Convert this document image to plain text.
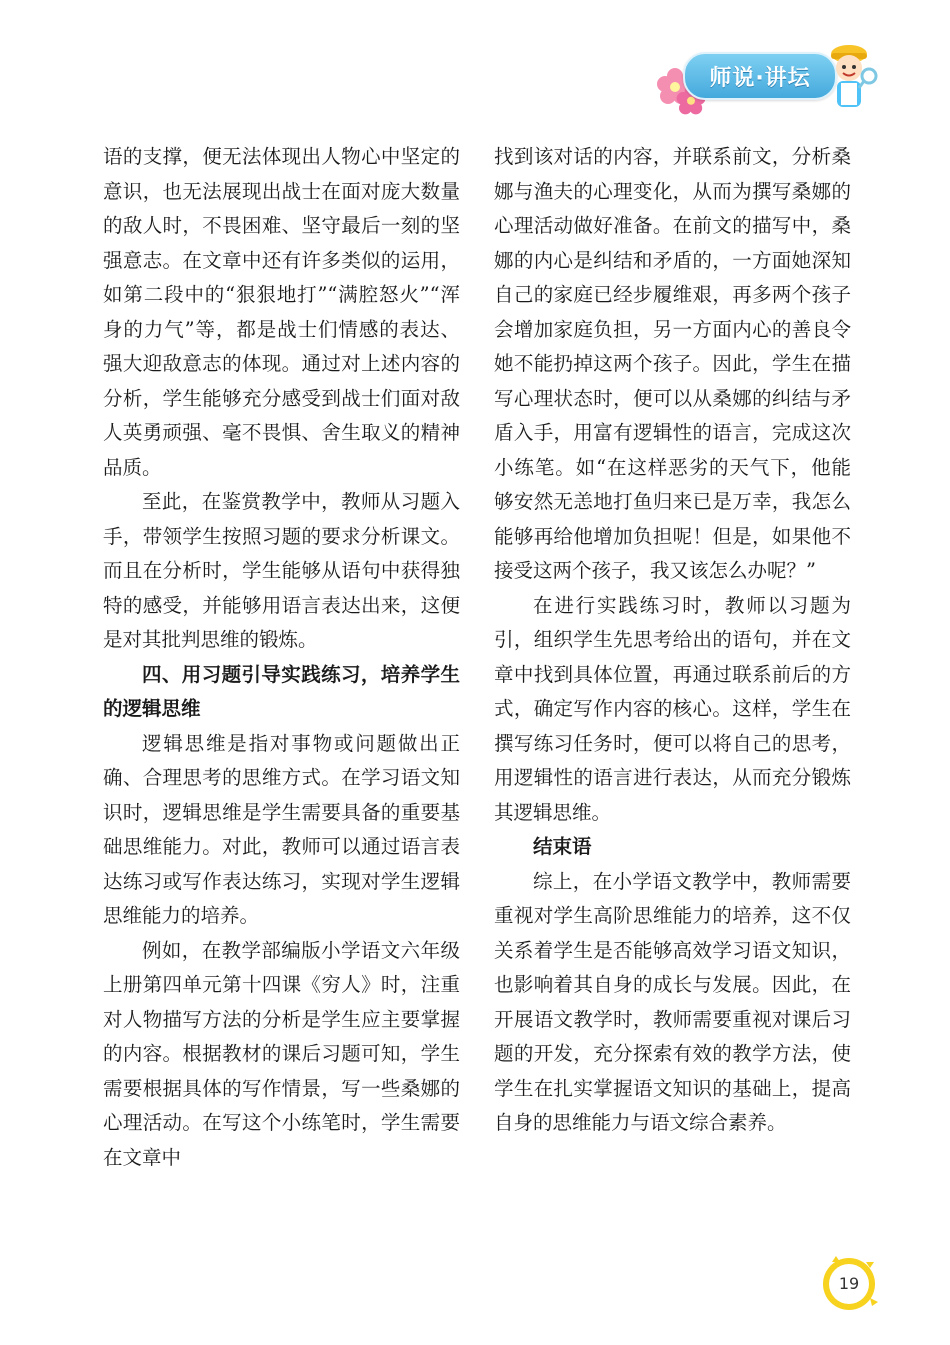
师说·讲坛

语的支撑，便无法体现出人物心中坚定的意识，也无法展现出战士在面对庞大数量的敌人时，不畏困难、坚守最后一刻的坚强意志。在文章中还有许多类似的运用，如第二段中的“狠狠地打”“满腔怒火”“浑身的力气”等，都是战士们情感的表达、强大迎敌意志的体现。通过对上述内容的分析，学生能够充分感受到战士们面对敌人英勇顽强、毫不畏惧、舍生取义的精神品质。

至此，在鉴赏教学中，教师从习题入手，带领学生按照习题的要求分析课文。而且在分析时，学生能够从语句中获得独特的感受，并能够用语言表达出来，这便是对其批判思维的锻炼。

四、用习题引导实践练习，培养学生的逻辑思维

逻辑思维是指对事物或问题做出正确、合理思考的思维方式。在学习语文知识时，逻辑思维是学生需要具备的重要基础思维能力。对此，教师可以通过语言表达练习或写作表达练习，实现对学生逻辑思维能力的培养。

例如，在教学部编版小学语文六年级上册第四单元第十四课《穷人》时，注重对人物描写方法的分析是学生应主要掌握的内容。根据教材的课后习题可知，学生需要根据具体的写作情景，写一些桑娜的心理活动。在写这个小练笔时，学生需要在文章中

找到该对话的内容，并联系前文，分析桑娜与渔夫的心理变化，从而为撰写桑娜的心理活动做好准备。在前文的描写中，桑娜的内心是纠结和矛盾的，一方面她深知自己的家庭已经步履维艰，再多两个孩子会增加家庭负担，另一方面内心的善良令她不能扔掉这两个孩子。因此，学生在描写心理状态时，便可以从桑娜的纠结与矛盾入手，用富有逻辑性的语言，完成这次小练笔。如“在这样恶劣的天气下，他能够安然无恙地打鱼归来已是万幸，我怎么能够再给他增加负担呢！但是，如果他不接受这两个孩子，我又该怎么办呢？”

在进行实践练习时，教师以习题为引，组织学生先思考给出的语句，并在文章中找到具体位置，再通过联系前后的方式，确定写作内容的核心。这样，学生在撰写练习任务时，便可以将自己的思考，用逻辑性的语言进行表达，从而充分锻炼其逻辑思维。

结束语

综上，在小学语文教学中，教师需要重视对学生高阶思维能力的培养，这不仅关系着学生是否能够高效学习语文知识，也影响着其自身的成长与发展。因此，在开展语文教学时，教师需要重视对课后习题的开发，充分探索有效的教学方法，使学生在扎实掌握语文知识的基础上，提高自身的思维能力与语文综合素养。

19
